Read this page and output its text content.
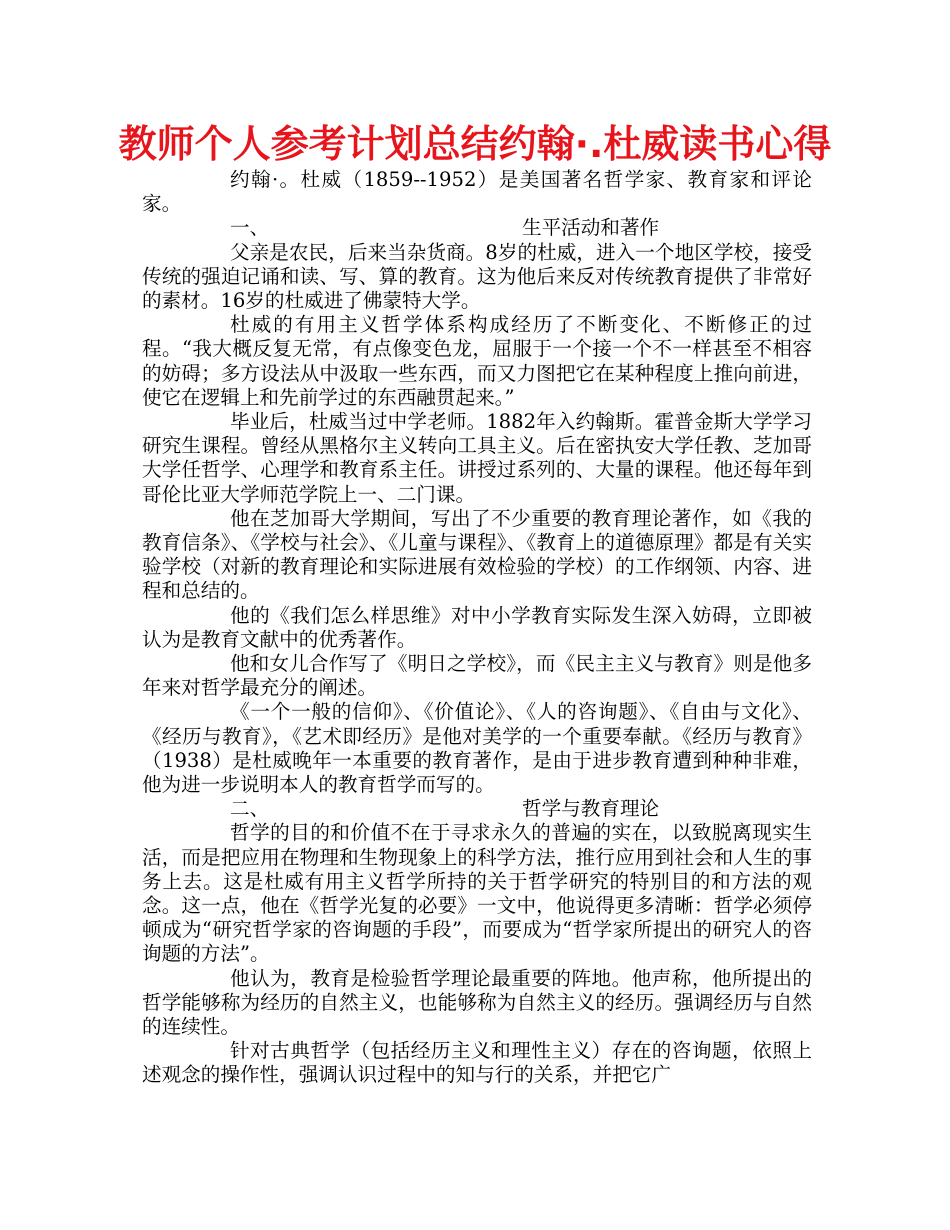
教师个人参考计划总结约翰·.杜威读书心得

约翰·。杜威（1859--1952）是美国著名哲学家、教育家和评论家。

一、	生平活动和著作

父亲是农民，后来当杂货商。8岁的杜威，进入一个地区学校，接受传统的强迫记诵和读、写、算的教育。这为他后来反对传统教育提供了非常好的素材。16岁的杜威进了佛蒙特大学。

杜威的有用主义哲学体系构成经历了不断变化、不断修正的过程。“我大概反复无常，有点像变色龙，屈服于一个接一个不一样甚至不相容的妨碍；多方设法从中汲取一些东西，而又力图把它在某种程度上推向前进，使它在逻辑上和先前学过的东西融贯起来。”

毕业后，杜威当过中学老师。1882年入约翰斯。霍普金斯大学学习研究生课程。曾经从黑格尔主义转向工具主义。后在密执安大学任教、芝加哥大学任哲学、心理学和教育系主任。讲授过系列的、大量的课程。他还每年到哥伦比亚大学师范学院上一、二门课。

他在芝加哥大学期间，写出了不少重要的教育理论著作，如《我的教育信条》、《学校与社会》、《儿童与课程》、《教育上的道德原理》都是有关实验学校（对新的教育理论和实际进展有效检验的学校）的工作纲领、内容、进程和总结的。

他的《我们怎么样思维》对中小学教育实际发生深入妨碍，立即被认为是教育文献中的优秀著作。

他和女儿合作写了《明日之学校》，而《民主主义与教育》则是他多年来对哲学最充分的阐述。

《一个一般的信仰》、《价值论》、《人的咨询题》、《自由与文化》、《经历与教育》，《艺术即经历》是他对美学的一个重要奉献。《经历与教育》（1938）是杜威晚年一本重要的教育著作，是由于进步教育遭到种种非难，他为进一步说明本人的教育哲学而写的。

二、	哲学与教育理论

哲学的目的和价值不在于寻求永久的普遍的实在，以致脱离现实生活，而是把应用在物理和生物现象上的科学方法，推行应用到社会和人生的事务上去。这是杜威有用主义哲学所持的关于哲学研究的特别目的和方法的观念。这一点，他在《哲学光复的必要》一文中，他说得更多清晰：哲学必须停顿成为“研究哲学家的咨询题的手段”，而要成为“哲学家所提出的研究人的咨询题的方法”。

他认为，教育是检验哲学理论最重要的阵地。他声称，他所提出的哲学能够称为经历的自然主义，也能够称为自然主义的经历。强调经历与自然的连续性。

针对古典哲学（包括经历主义和理性主义）存在的咨询题，依照上述观念的操作性，强调认识过程中的知与行的关系，并把它广
